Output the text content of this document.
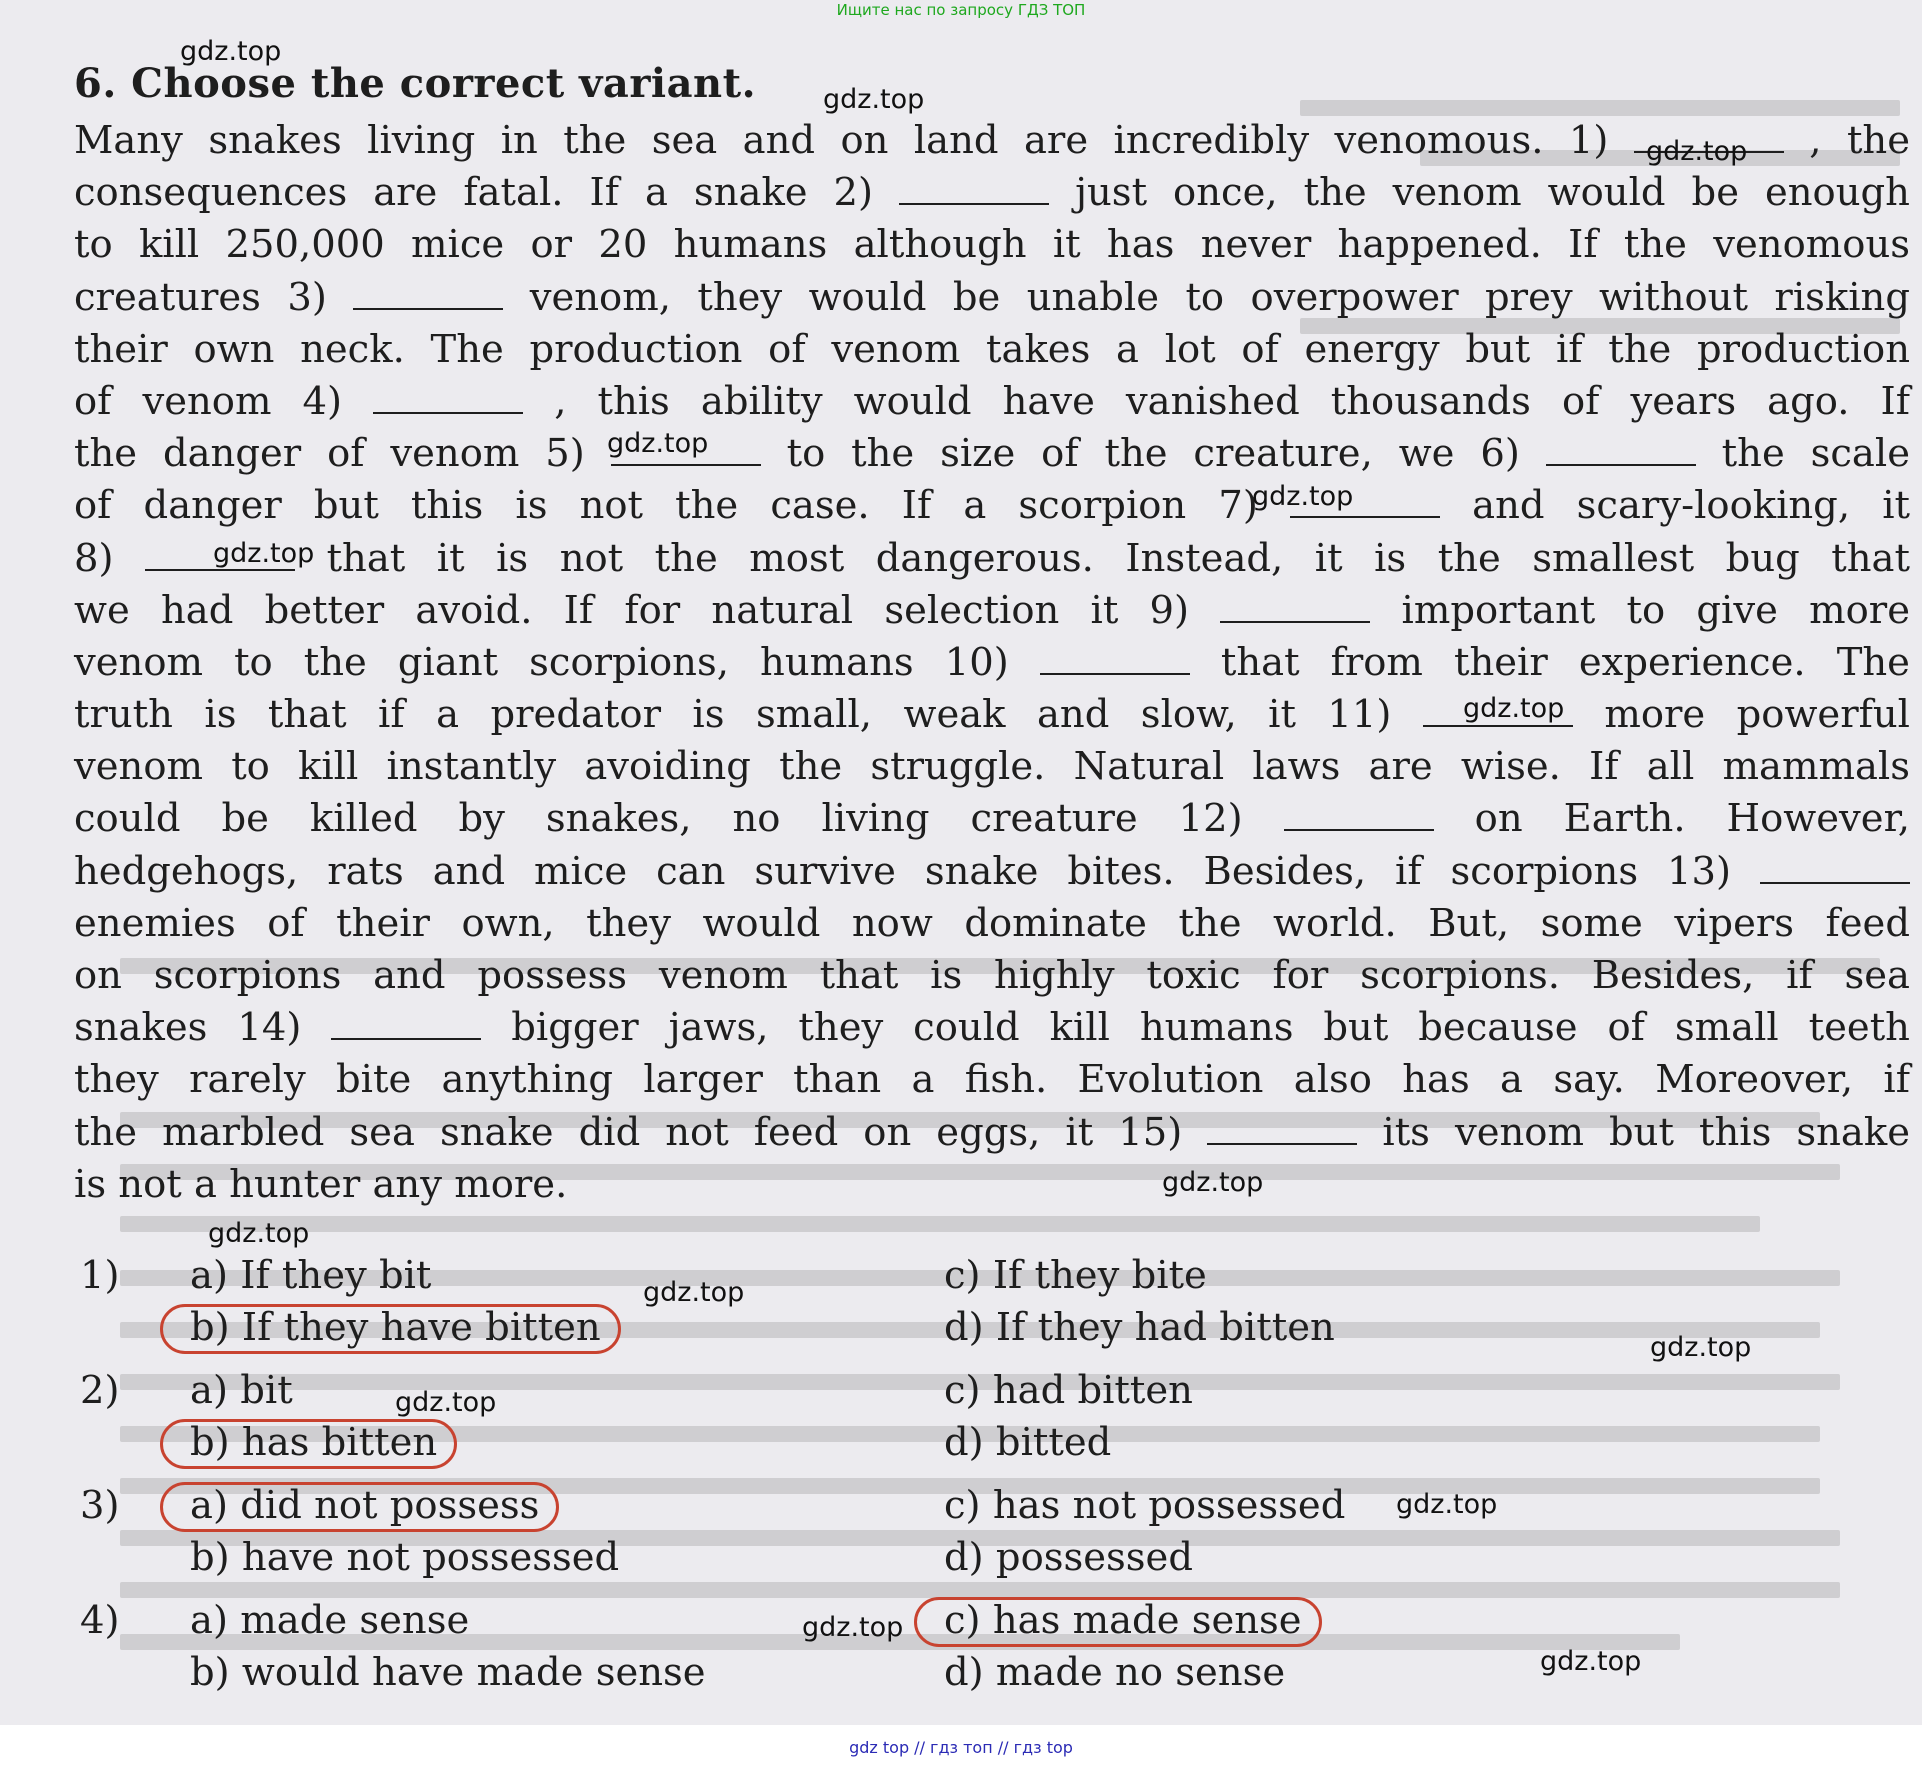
Ищите нас по запросу ГДЗ ТОП
6. Choose the correct variant.
Many snakes living in the sea and on land are incredibly venomous. 1)	, the
consequences are fatal. If a snake 2)	just once, the venom would be enough
to kill 250,000 mice or 20 humans although it has never happened. If the venomous
creatures 3)	venom, they would be unable to overpower prey without risking
their own neck. The production of venom takes a lot of energy but if the production
of venom 4)	, this ability would have vanished thousands of years ago. If
the danger of venom 5)	to the size of the creature, we 6)	the scale
of danger but this is not the case. If a scorpion 7)	and scary-looking, it
8)	that it is not the most dangerous. Instead, it is the smallest bug that
we had better avoid. If for natural selection it 9)	important to give more
venom to the giant scorpions, humans 10)	that from their experience. The
truth is that if a predator is small, weak and slow, it 11)	more powerful
venom to kill instantly avoiding the struggle. Natural laws are wise. If all mammals
could be killed by snakes, no living creature 12)	on Earth. However,
hedgehogs, rats and mice can survive snake bites. Besides, if scorpions 13)
enemies of their own, they would now dominate the world. But, some vipers feed
on scorpions and possess venom that is highly toxic for scorpions. Besides, if sea
snakes 14)	bigger jaws, they could kill humans but because of small teeth
they rarely bite anything larger than a fish. Evolution also has a say. Moreover, if
the marbled sea snake did not feed on eggs, it 15)	its venom but this snake
is not a hunter any more.
1) a) If they bit
b) If they have bitten
c) If they bite
d) If they had bitten
2) a) bit
b) has bitten
c) had bitten
d) bitted
3) a) did not possess
b) have not possessed
c) has not possessed
d) possessed
4) a) made sense
b) would have made sense
c) has made sense
d) made no sense
gdz.top
gdz.top
gdz.top
gdz.top
gdz.top
gdz.top
gdz.top
gdz.top
gdz.top
gdz.top
gdz.top
gdz.top
gdz.top
gdz.top
gdz.top
gdz top // гдз топ // гдз top
